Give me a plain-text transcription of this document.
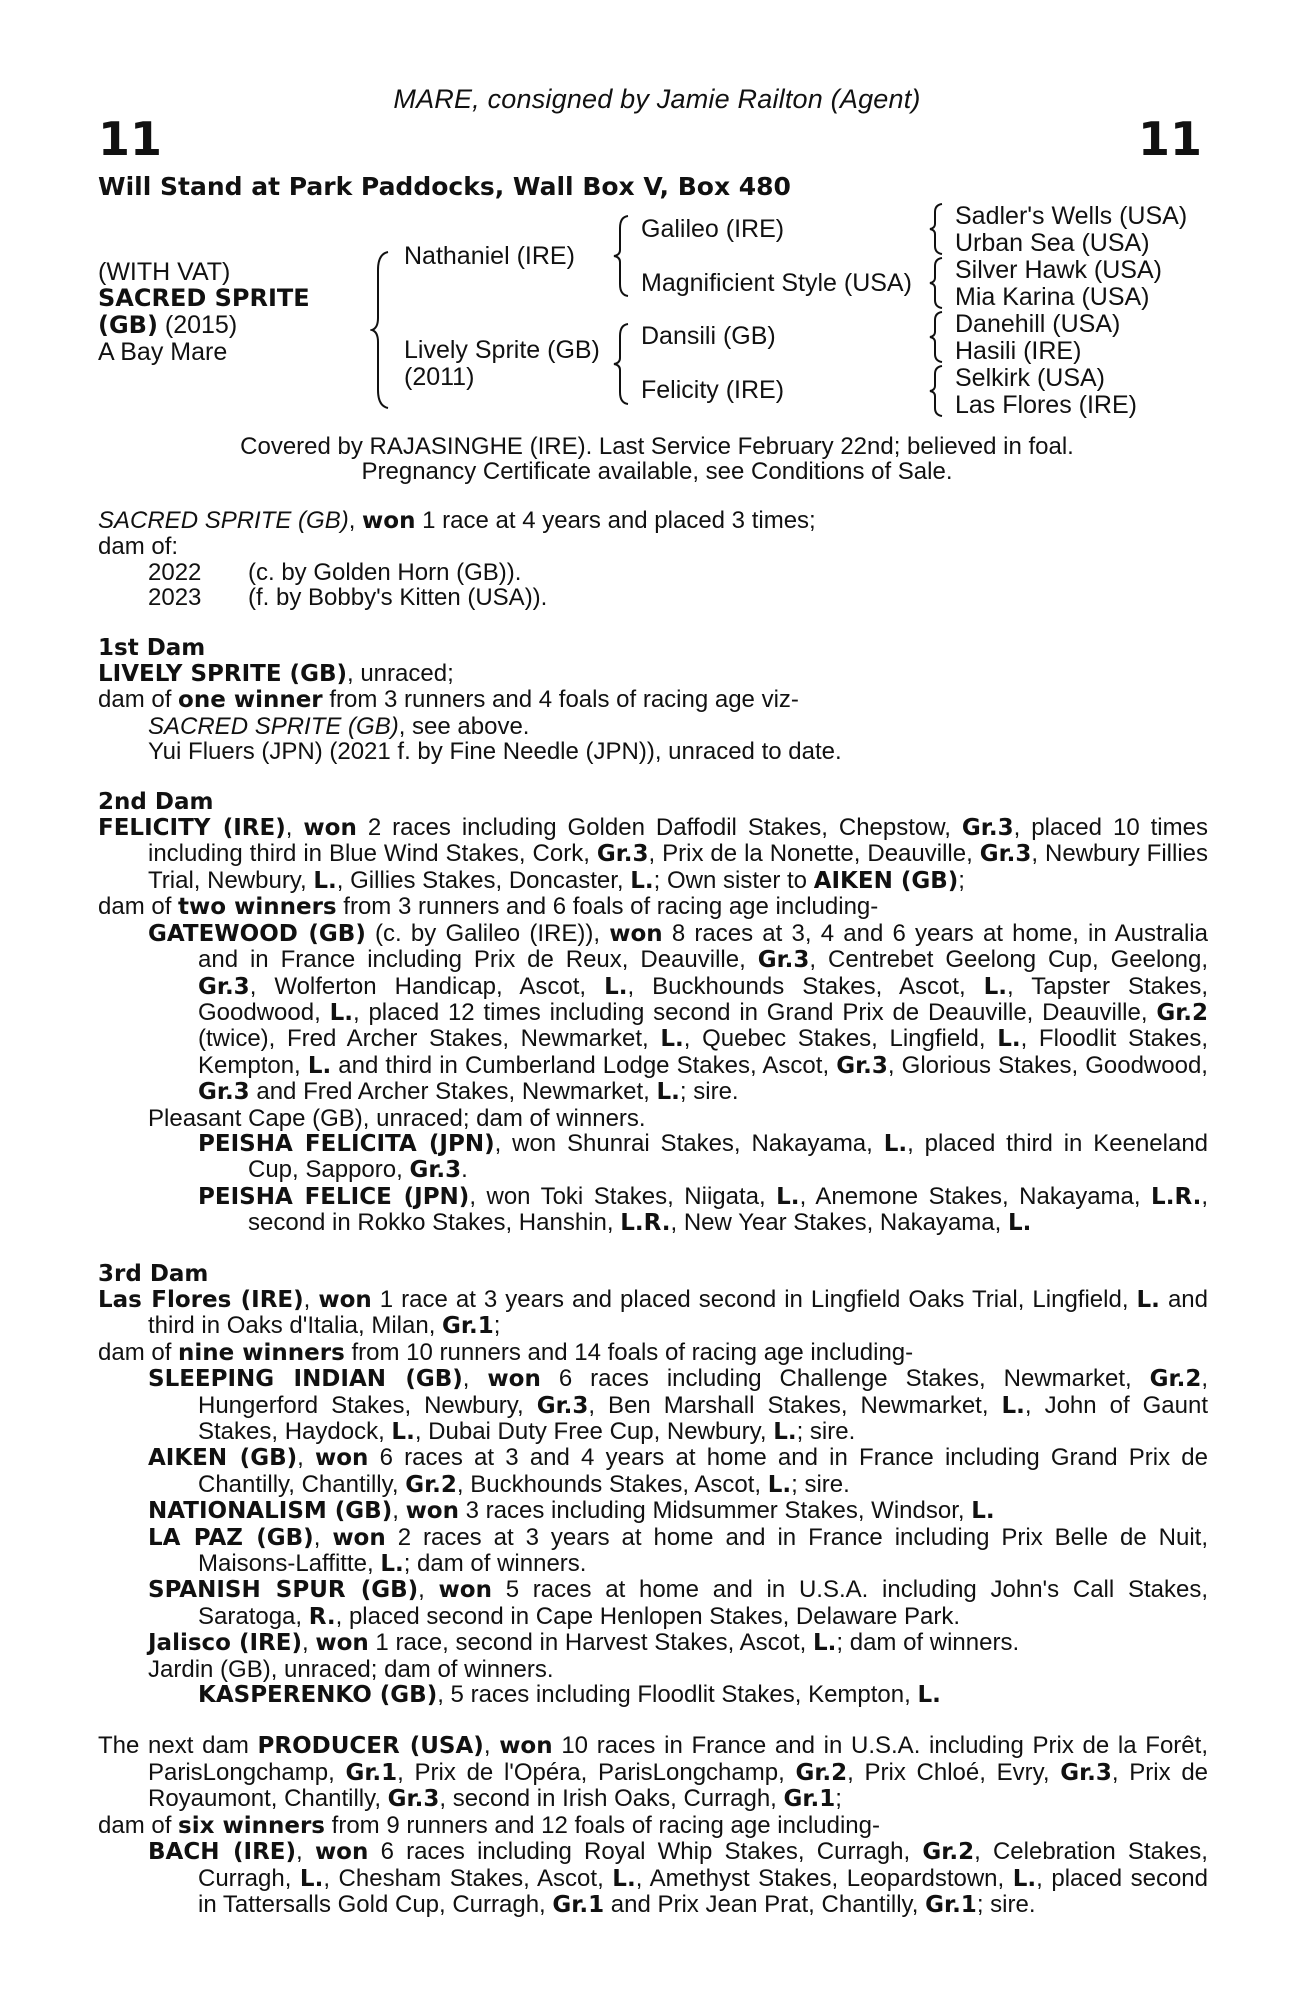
MARE, consigned by Jamie Railton (Agent)
11	11
Will Stand at Park Paddocks, Wall Box V, Box 480
(WITH VAT)
SACRED SPRITE
(GB) (2015)
A Bay Mare
Nathaniel (IRE)
Lively Sprite (GB)
(2011)
Galileo (IRE)
Magnificient Style (USA)
Dansili (GB)
Felicity (IRE)
Sadler's Wells (USA)
Urban Sea (USA)
Silver Hawk (USA)
Mia Karina (USA)
Danehill (USA)
Hasili (IRE)
Selkirk (USA)
Las Flores (IRE)
Covered by RAJASINGHE (IRE). Last Service February 22nd; believed in foal.
Pregnancy Certificate available, see Conditions of Sale.

SACRED SPRITE (GB), won 1 race at 4 years and placed 3 times;

dam of:

2022 (c. by Golden Horn (GB)).

2023 (f. by Bobby's Kitten (USA)).

1st Dam

LIVELY SPRITE (GB), unraced;

dam of one winner from 3 runners and 4 foals of racing age viz-

SACRED SPRITE (GB), see above.

Yui Fluers (JPN) (2021 f. by Fine Needle (JPN)), unraced to date.

2nd Dam

FELICITY (IRE), won 2 races including Golden Daffodil Stakes, Chepstow, Gr.3, placed 10 times including third in Blue Wind Stakes, Cork, Gr.3, Prix de la Nonette, Deauville, Gr.3, Newbury Fillies Trial, Newbury, L., Gillies Stakes, Doncaster, L.; Own sister to AIKEN (GB);

dam of two winners from 3 runners and 6 foals of racing age including-

GATEWOOD (GB) (c. by Galileo (IRE)), won 8 races at 3, 4 and 6 years at home, in Australia and in France including Prix de Reux, Deauville, Gr.3, Centrebet Geelong Cup, Geelong, Gr.3, Wolferton Handicap, Ascot, L., Buckhounds Stakes, Ascot, L., Tapster Stakes, Goodwood, L., placed 12 times including second in Grand Prix de Deauville, Deauville, Gr.2 (twice), Fred Archer Stakes, Newmarket, L., Quebec Stakes, Lingfield, L., Floodlit Stakes, Kempton, L. and third in Cumberland Lodge Stakes, Ascot, Gr.3, Glorious Stakes, Goodwood, Gr.3 and Fred Archer Stakes, Newmarket, L.; sire.

Pleasant Cape (GB), unraced; dam of winners.

PEISHA FELICITA (JPN), won Shunrai Stakes, Nakayama, L., placed third in Keeneland Cup, Sapporo, Gr.3.

PEISHA FELICE (JPN), won Toki Stakes, Niigata, L., Anemone Stakes, Nakayama, L.R., second in Rokko Stakes, Hanshin, L.R., New Year Stakes, Nakayama, L.

3rd Dam

Las Flores (IRE), won 1 race at 3 years and placed second in Lingfield Oaks Trial, Lingfield, L. and third in Oaks d'Italia, Milan, Gr.1;

dam of nine winners from 10 runners and 14 foals of racing age including-

SLEEPING INDIAN (GB), won 6 races including Challenge Stakes, Newmarket, Gr.2, Hungerford Stakes, Newbury, Gr.3, Ben Marshall Stakes, Newmarket, L., John of Gaunt Stakes, Haydock, L., Dubai Duty Free Cup, Newbury, L.; sire.

AIKEN (GB), won 6 races at 3 and 4 years at home and in France including Grand Prix de Chantilly, Chantilly, Gr.2, Buckhounds Stakes, Ascot, L.; sire.

NATIONALISM (GB), won 3 races including Midsummer Stakes, Windsor, L.

LA PAZ (GB), won 2 races at 3 years at home and in France including Prix Belle de Nuit, Maisons-Laffitte, L.; dam of winners.

SPANISH SPUR (GB), won 5 races at home and in U.S.A. including John's Call Stakes, Saratoga, R., placed second in Cape Henlopen Stakes, Delaware Park.

Jalisco (IRE), won 1 race, second in Harvest Stakes, Ascot, L.; dam of winners.

Jardin (GB), unraced; dam of winners.

KASPERENKO (GB), 5 races including Floodlit Stakes, Kempton, L.

The next dam PRODUCER (USA), won 10 races in France and in U.S.A. including Prix de la Forêt, ParisLongchamp, Gr.1, Prix de l'Opéra, ParisLongchamp, Gr.2, Prix Chloé, Evry, Gr.3, Prix de Royaumont, Chantilly, Gr.3, second in Irish Oaks, Curragh, Gr.1;

dam of six winners from 9 runners and 12 foals of racing age including-

BACH (IRE), won 6 races including Royal Whip Stakes, Curragh, Gr.2, Celebration Stakes, Curragh, L., Chesham Stakes, Ascot, L., Amethyst Stakes, Leopardstown, L., placed second in Tattersalls Gold Cup, Curragh, Gr.1 and Prix Jean Prat, Chantilly, Gr.1; sire.
